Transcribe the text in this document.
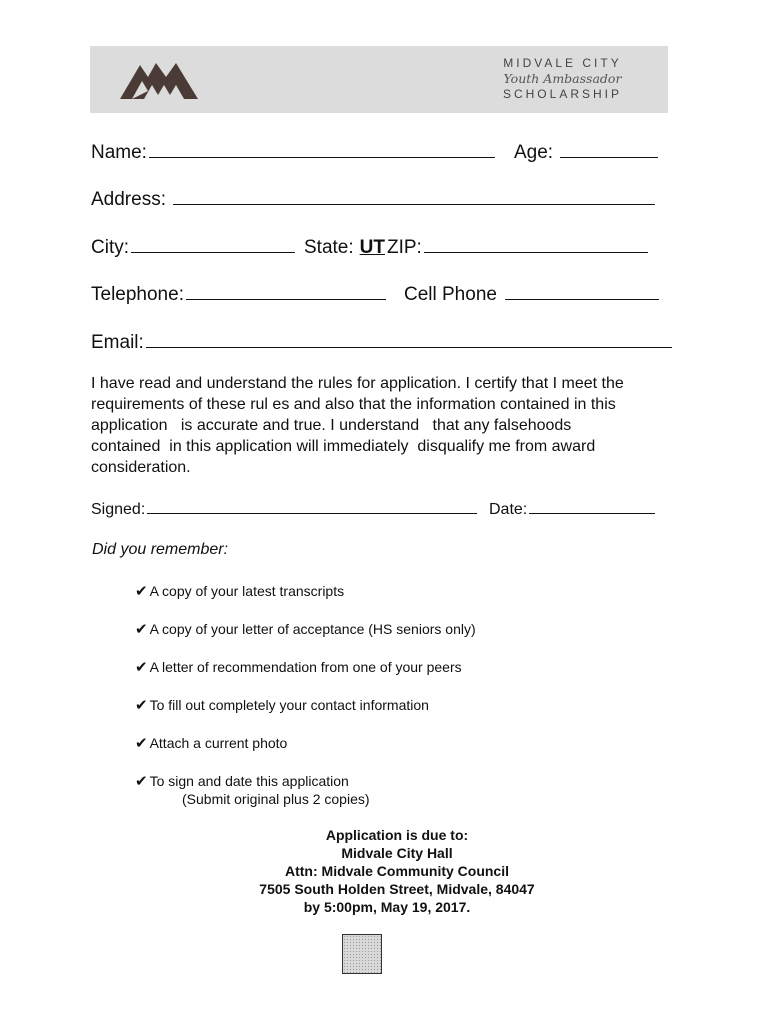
MIDVALE CITY
Youth Ambassador
SCHOLARSHIP
Name:	Age:
Address:
City:	State: UT ZIP:
Telephone:	Cell Phone
Email:
I have read and understand the rules for application. I certify that I meet the
requirements of these rul es and also that the information contained in this
application   is accurate and true. I understand   that any falsehoods
contained  in this application will immediately  disqualify me from award
consideration.
Signed:	Date:
Did you remember:
✔ A copy of your latest transcripts
✔ A copy of your letter of acceptance (HS seniors only)
✔ A letter of recommendation from one of your peers
✔ To fill out completely your contact information
✔ Attach a current photo
✔ To sign and date this application
(Submit original plus 2 copies)
Application is due to:
Midvale City Hall
Attn: Midvale Community Council
7505 South Holden Street, Midvale, 84047
by 5:00pm, May 19, 2017.
